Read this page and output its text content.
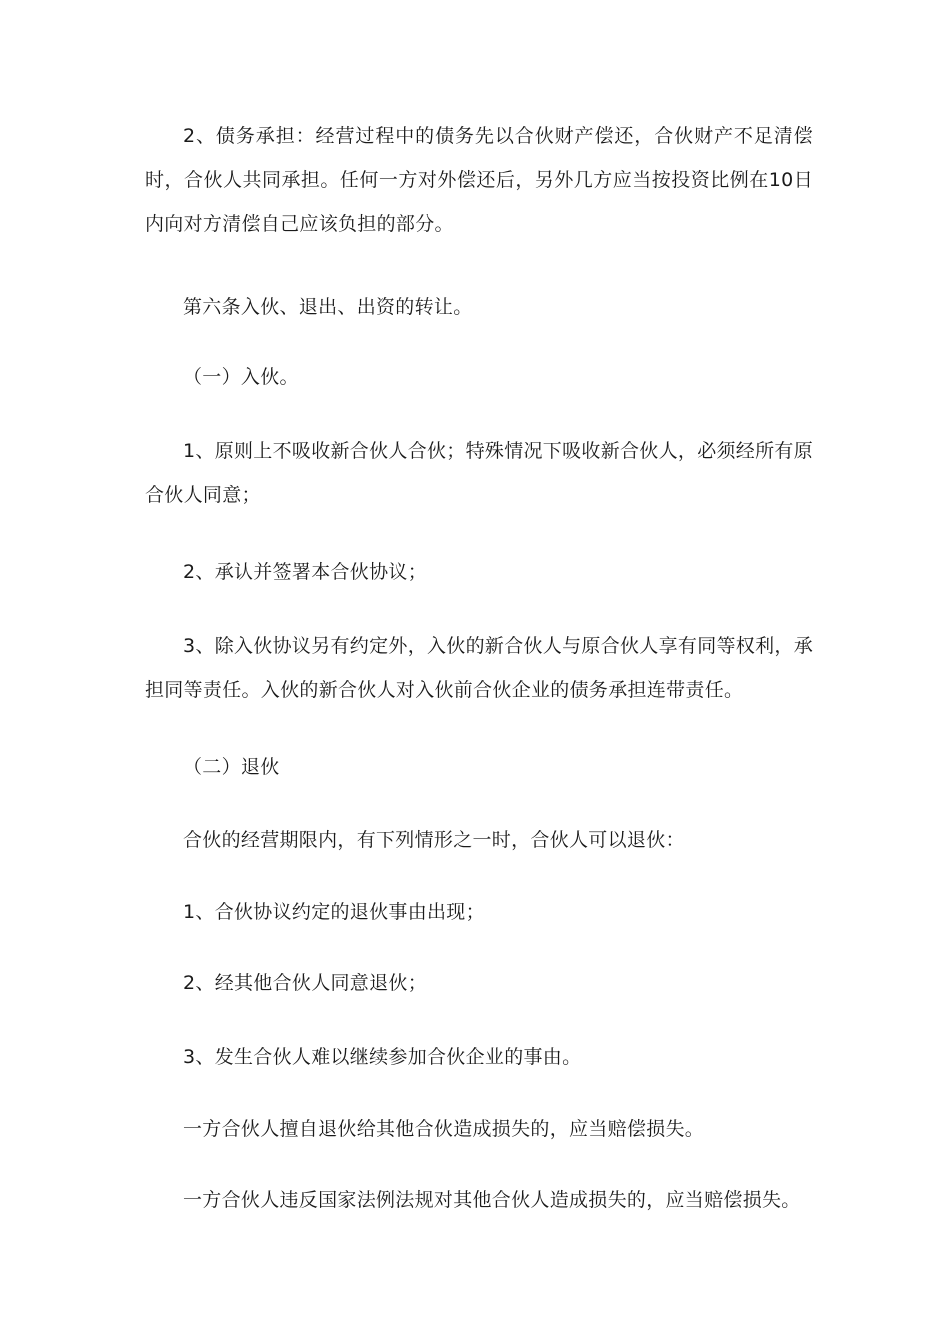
2、债务承担：经营过程中的债务先以合伙财产偿还，合伙财产不足清偿时，合伙人共同承担。任何一方对外偿还后，另外几方应当按投资比例在10日内向对方清偿自己应该负担的部分。

第六条入伙、退出、出资的转让。

（一）入伙。

1、原则上不吸收新合伙人合伙；特殊情况下吸收新合伙人，必须经所有原合伙人同意；

2、承认并签署本合伙协议；

3、除入伙协议另有约定外，入伙的新合伙人与原合伙人享有同等权利，承担同等责任。入伙的新合伙人对入伙前合伙企业的债务承担连带责任。

（二）退伙

合伙的经营期限内，有下列情形之一时，合伙人可以退伙：

1、合伙协议约定的退伙事由出现；

2、经其他合伙人同意退伙；

3、发生合伙人难以继续参加合伙企业的事由。

一方合伙人擅自退伙给其他合伙造成损失的，应当赔偿损失。

一方合伙人违反国家法例法规对其他合伙人造成损失的，应当赔偿损失。
